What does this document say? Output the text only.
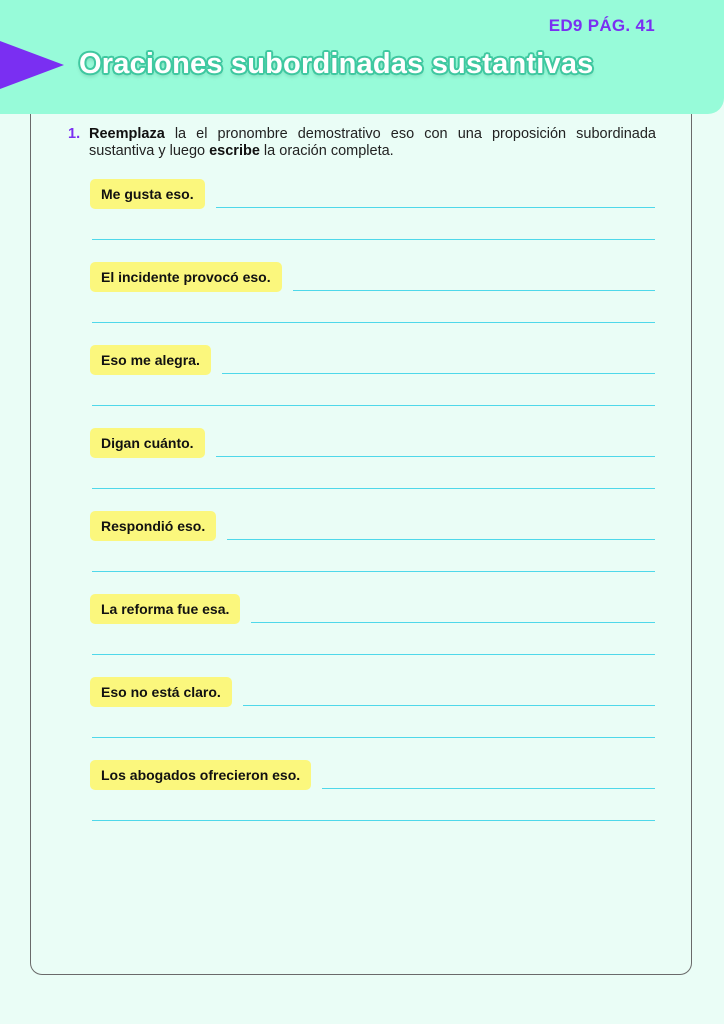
ED9 PÁG. 41
Oraciones subordinadas sustantivas
1. Reemplaza la el pronombre demostrativo eso con una proposición subordinada sustantiva y luego escribe la oración completa.
Me gusta eso.
El incidente provocó eso.
Eso me alegra.
Digan cuánto.
Respondió eso.
La reforma fue esa.
Eso no está claro.
Los abogados ofrecieron eso.
